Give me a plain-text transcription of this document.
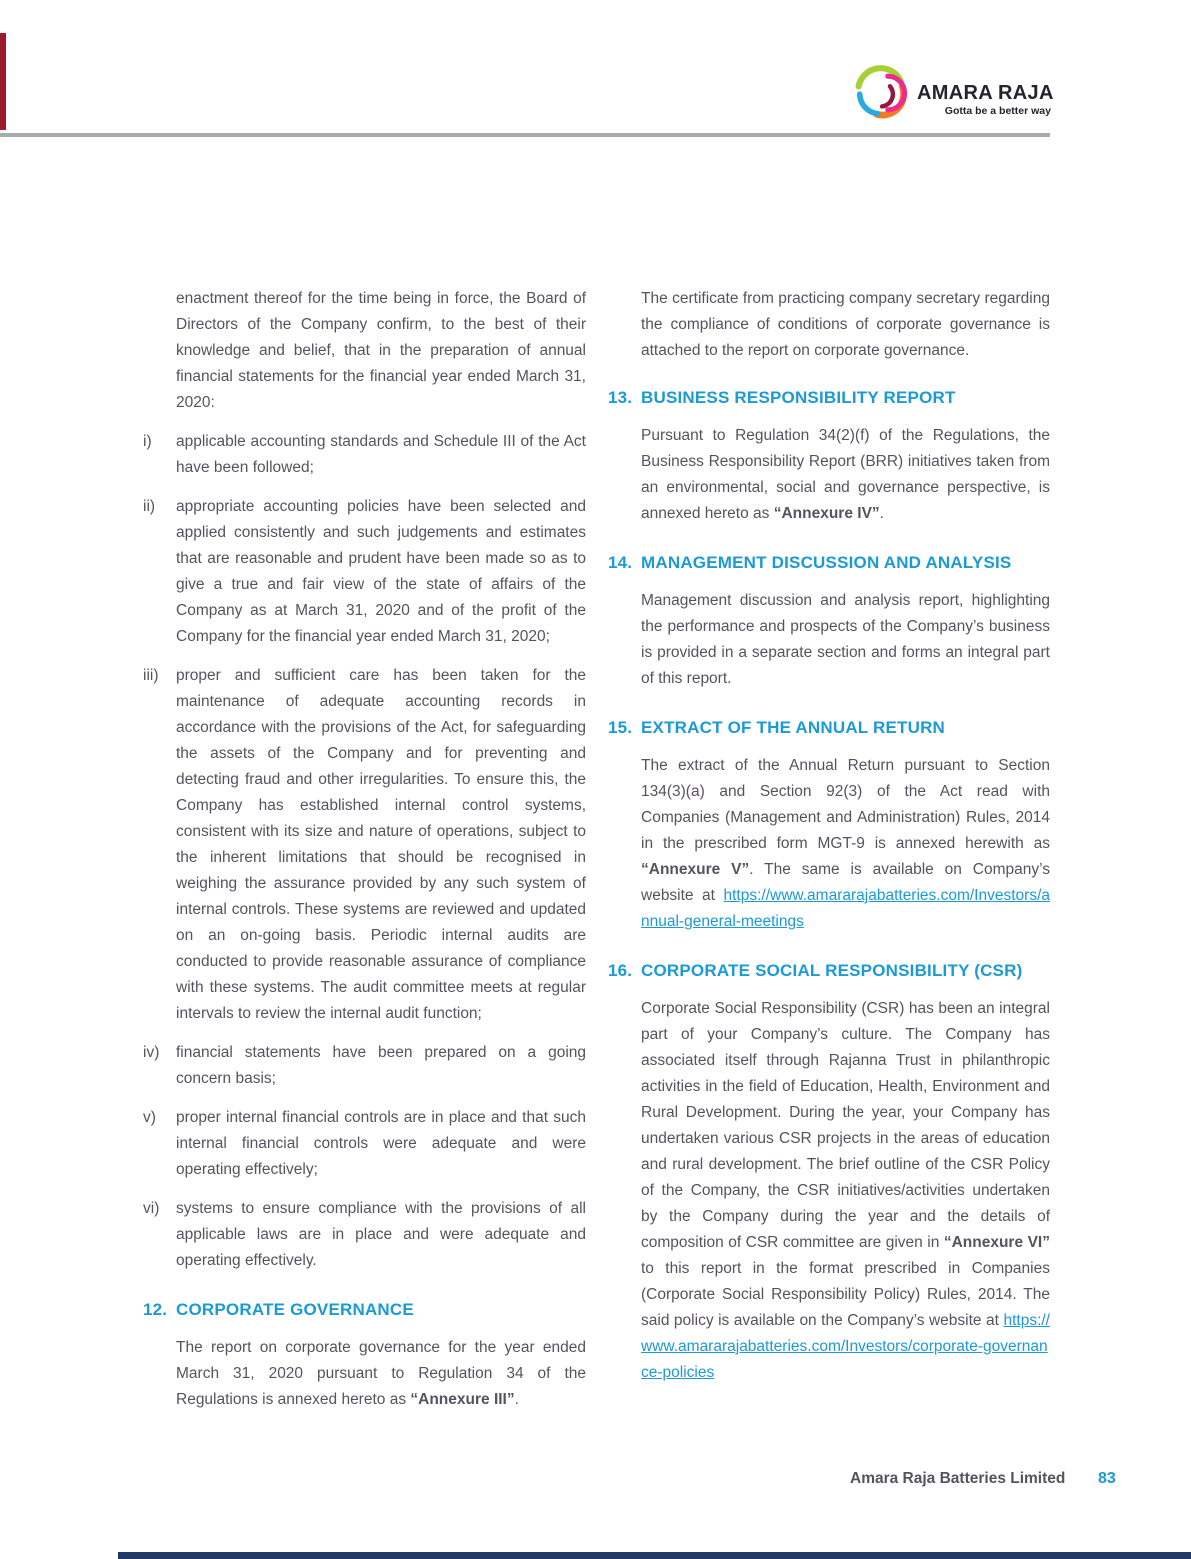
AMARA RAJA
Gotta be a better way

enactment thereof for the time being in force, the Board of Directors of the Company confirm, to the best of their knowledge and belief, that in the preparation of annual financial statements for the financial year ended March 31, 2020:

i) applicable accounting standards and Schedule III of the Act have been followed;
ii) appropriate accounting policies have been selected and applied consistently and such judgements and estimates that are reasonable and prudent have been made so as to give a true and fair view of the state of affairs of the Company as at March 31, 2020 and of the profit of the Company for the financial year ended March 31, 2020;
iii) proper and sufficient care has been taken for the maintenance of adequate accounting records in accordance with the provisions of the Act, for safeguarding the assets of the Company and for preventing and detecting fraud and other irregularities. To ensure this, the Company has established internal control systems, consistent with its size and nature of operations, subject to the inherent limitations that should be recognised in weighing the assurance provided by any such system of internal controls. These systems are reviewed and updated on an on-going basis. Periodic internal audits are conducted to provide reasonable assurance of compliance with these systems. The audit committee meets at regular intervals to review the internal audit function;
iv) financial statements have been prepared on a going concern basis;
v) proper internal financial controls are in place and that such internal financial controls were adequate and were operating effectively;
vi) systems to ensure compliance with the provisions of all applicable laws are in place and were adequate and operating effectively.
12. CORPORATE GOVERNANCE

The report on corporate governance for the year ended March 31, 2020 pursuant to Regulation 34 of the Regulations is annexed hereto as “Annexure III”.

The certificate from practicing company secretary regarding the compliance of conditions of corporate governance is attached to the report on corporate governance.

13. BUSINESS RESPONSIBILITY REPORT

Pursuant to Regulation 34(2)(f) of the Regulations, the Business Responsibility Report (BRR) initiatives taken from an environmental, social and governance perspective, is annexed hereto as “Annexure IV”.

14. MANAGEMENT DISCUSSION AND ANALYSIS

Management discussion and analysis report, highlighting the performance and prospects of the Company’s business is provided in a separate section and forms an integral part of this report.

15. EXTRACT OF THE ANNUAL RETURN

The extract of the Annual Return pursuant to Section 134(3)(a) and Section 92(3) of the Act read with Companies (Management and Administration) Rules, 2014 in the prescribed form MGT-9 is annexed herewith as “Annexure V”. The same is available on Company’s website at https://www.amararajabatteries.com/Investors/annual-general-meetings

16. CORPORATE SOCIAL RESPONSIBILITY (CSR)

Corporate Social Responsibility (CSR) has been an integral part of your Company’s culture. The Company has associated itself through Rajanna Trust in philanthropic activities in the field of Education, Health, Environment and Rural Development. During the year, your Company has undertaken various CSR projects in the areas of education and rural development. The brief outline of the CSR Policy of the Company, the CSR initiatives/activities undertaken by the Company during the year and the details of composition of CSR committee are given in “Annexure VI” to this report in the format prescribed in Companies (Corporate Social Responsibility Policy) Rules, 2014. The said policy is available on the Company’s website at https://www.amararajabatteries.com/Investors/corporate-governance-policies

Amara Raja Batteries Limited 83
